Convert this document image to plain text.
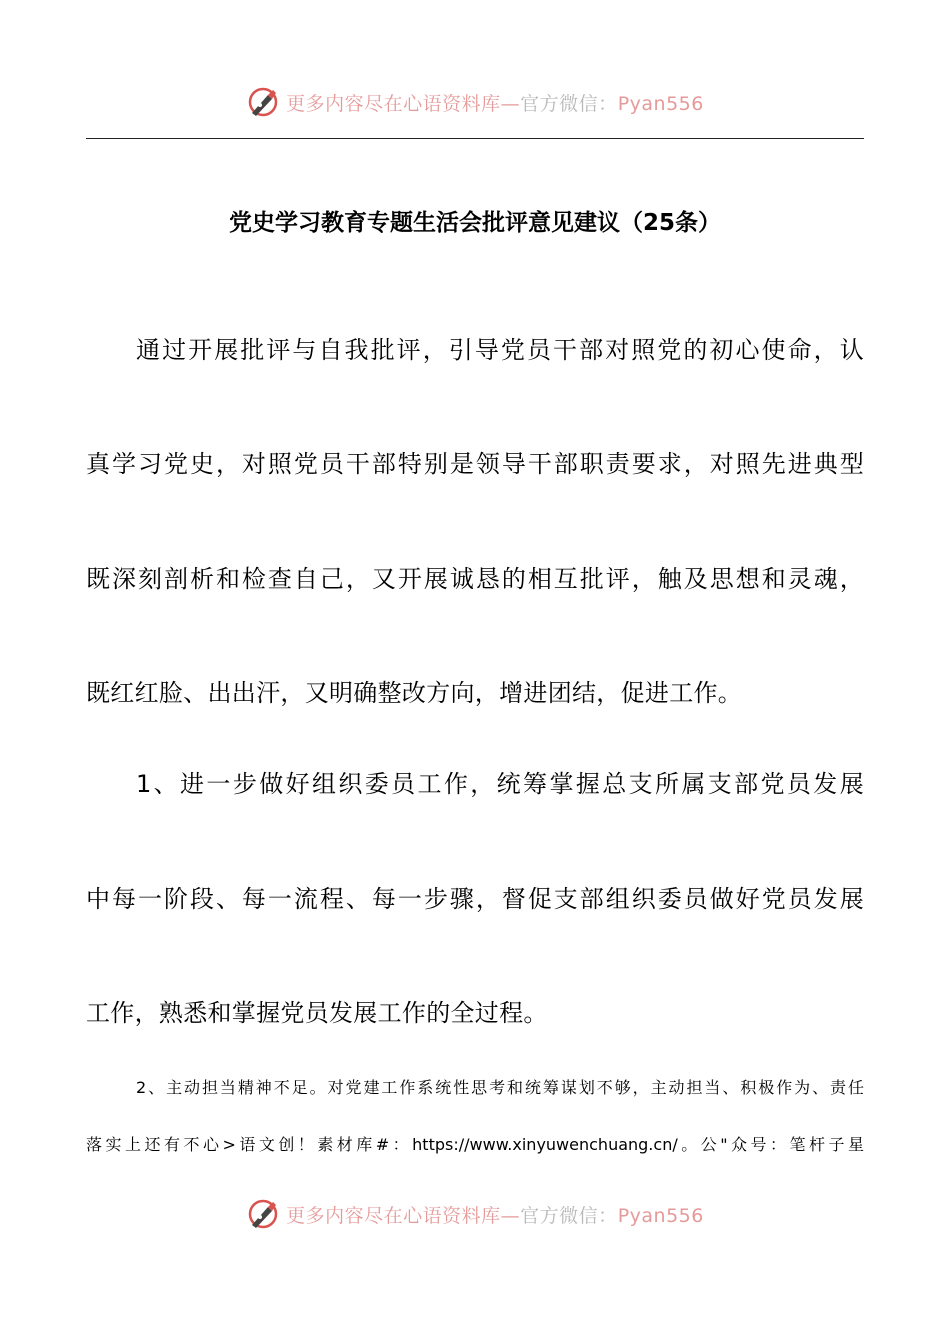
更多内容尽在心语资料库—官方微信：Pyan556
党史学习教育专题生活会批评意见建议（25条）
通过开展批评与自我批评，引导党员干部对照党的初心使命，认
真学习党史，对照党员干部特别是领导干部职责要求，对照先进典型
既深刻剖析和检查自己，又开展诚恳的相互批评，触及思想和灵魂，
既红红脸、出出汗，又明确整改方向，增进团结，促进工作。
1、进一步做好组织委员工作，统筹掌握总支所属支部党员发展
中每一阶段、每一流程、每一步骤，督促支部组织委员做好党员发展
工作，熟悉和掌握党员发展工作的全过程。
2、主动担当精神不足。对党建工作系统性思考和统筹谋划不够，主动担当、积极作为、责任
落实上还有不心>语文创！素材库#：https://www.xinyuwenchuang.cn/。公"众号：笔杆子星
更多内容尽在心语资料库—官方微信：Pyan556
